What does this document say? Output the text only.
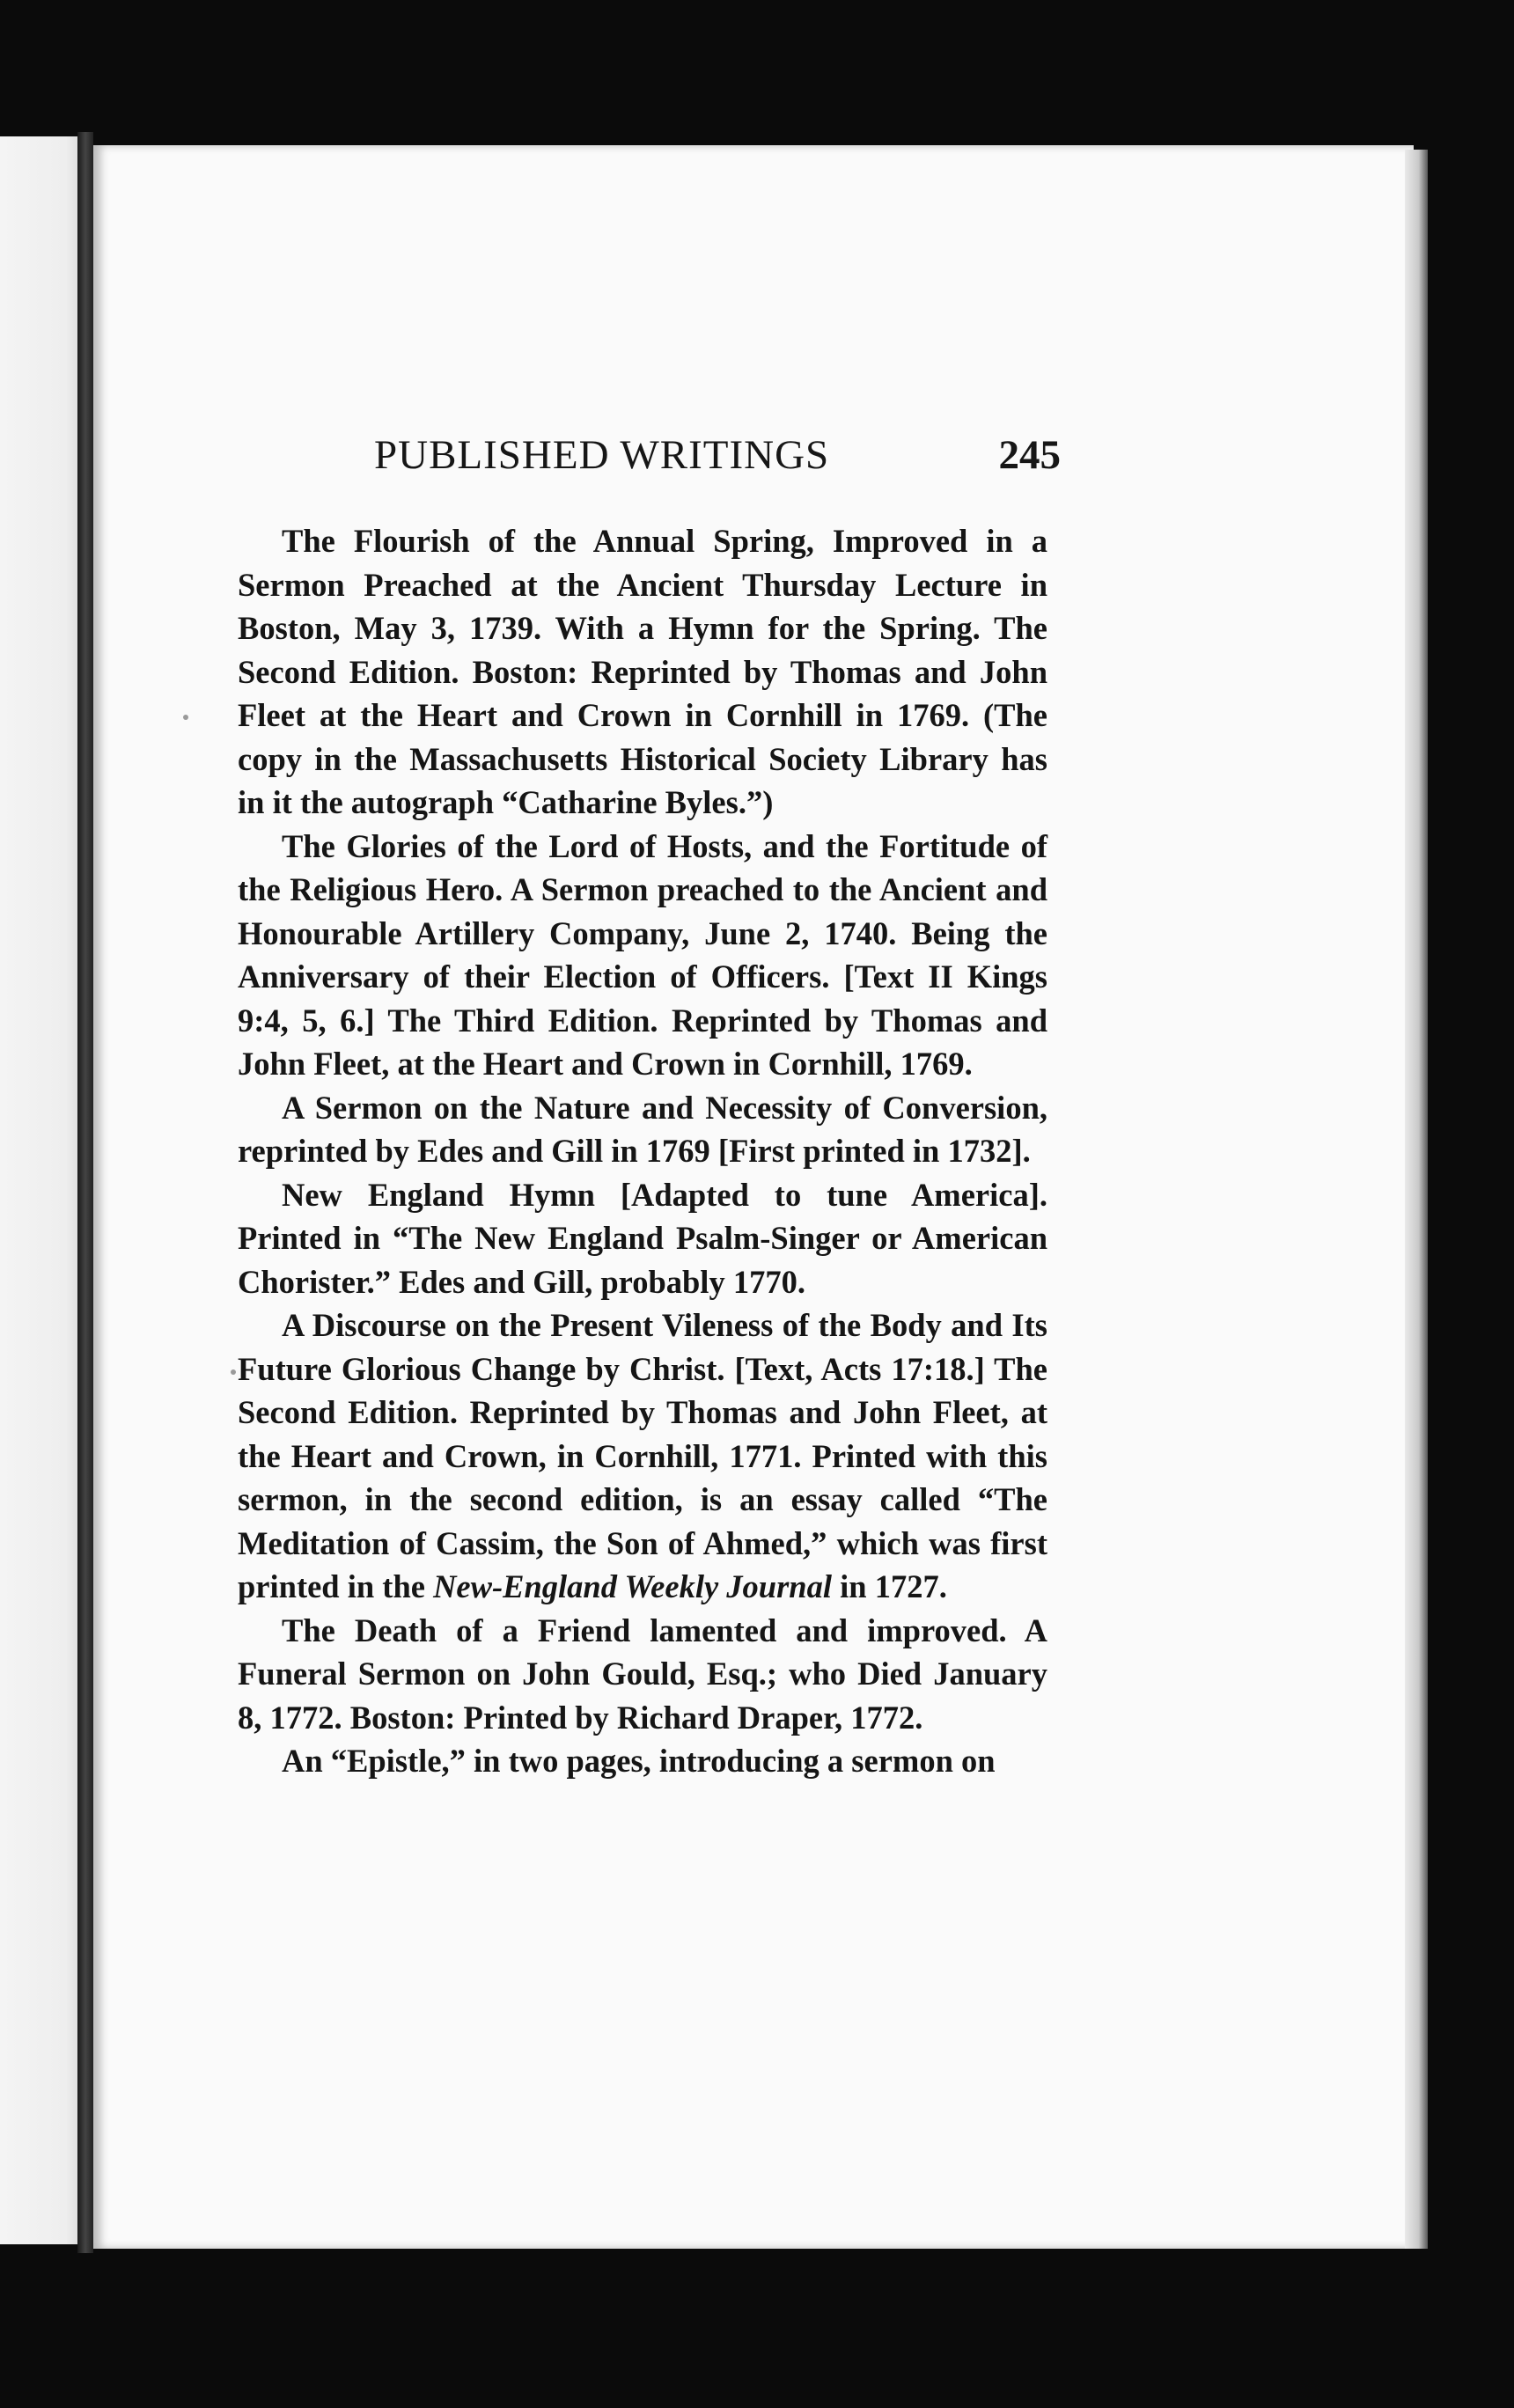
PUBLISHED WRITINGS	245

The Flourish of the Annual Spring, Improved in a Sermon Preached at the Ancient Thursday Lecture in Boston, May 3, 1739. With a Hymn for the Spring. The Second Edition. Boston: Reprinted by Thomas and John Fleet at the Heart and Crown in Cornhill in 1769. (The copy in the Massachusetts Historical Society Library has in it the autograph “Catharine Byles.”)

The Glories of the Lord of Hosts, and the Fortitude of the Religious Hero. A Sermon preached to the Ancient and Honourable Artillery Company, June 2, 1740. Being the Anniversary of their Election of Officers. [Text II Kings 9:4, 5, 6.] The Third Edition. Reprinted by Thomas and John Fleet, at the Heart and Crown in Cornhill, 1769.

A Sermon on the Nature and Necessity of Conversion, reprinted by Edes and Gill in 1769 [First printed in 1732].

New England Hymn [Adapted to tune America]. Printed in “The New England Psalm-Singer or American Chorister.” Edes and Gill, probably 1770.

A Discourse on the Present Vileness of the Body and Its Future Glorious Change by Christ. [Text, Acts 17:18.] The Second Edition. Reprinted by Thomas and John Fleet, at the Heart and Crown, in Cornhill, 1771. Printed with this sermon, in the second edition, is an essay called “The Meditation of Cassim, the Son of Ahmed,” which was first printed in the New-England Weekly Journal in 1727.

The Death of a Friend lamented and improved. A Funeral Sermon on John Gould, Esq.; who Died January 8, 1772. Boston: Printed by Richard Draper, 1772.

An “Epistle,” in two pages, introducing a sermon on
